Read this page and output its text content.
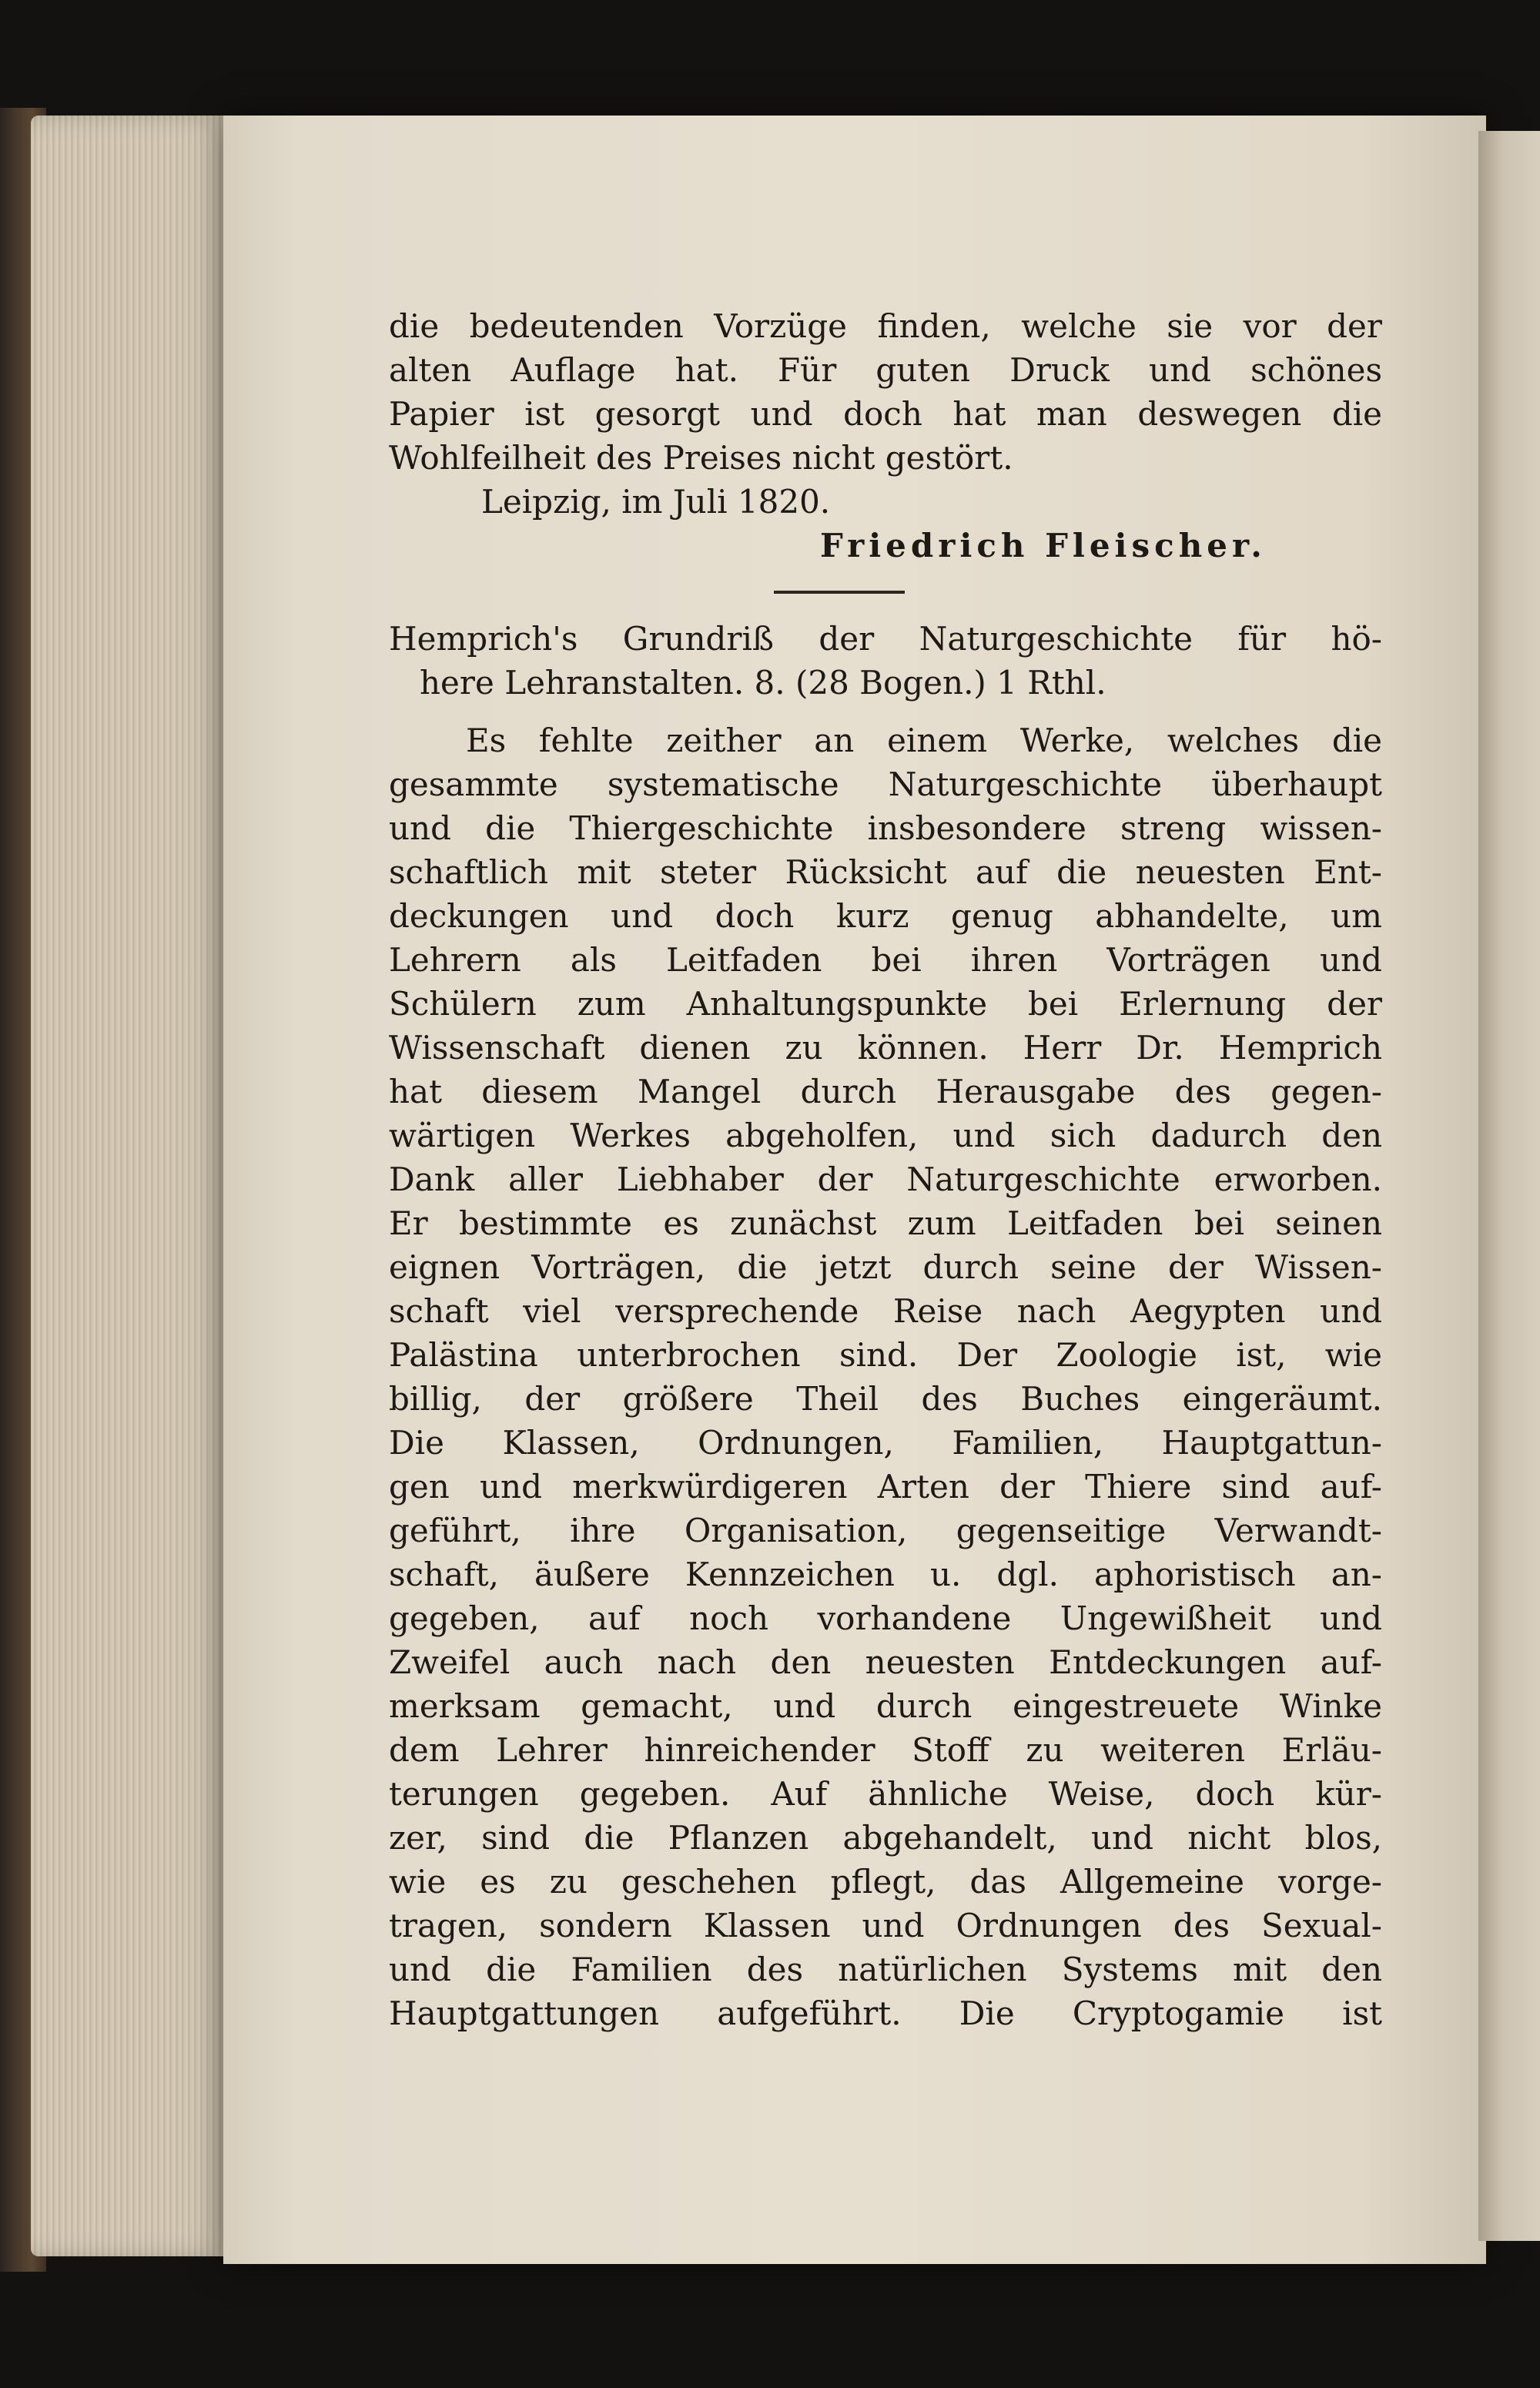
die bedeutenden Vorzüge finden, welche sie vor der
alten Auflage hat. Für guten Druck und schönes
Papier ist gesorgt und doch hat man deswegen die
Wohlfeilheit des Preises nicht gestört.
Leipzig, im Juli 1820.
Friedrich Fleischer.
Hemprich's Grundriß der Naturgeschichte für hö-
here Lehranstalten. 8. (28 Bogen.) 1 Rthl.
Es fehlte zeither an einem Werke, welches die
gesammte systematische Naturgeschichte überhaupt
und die Thiergeschichte insbesondere streng wissen-
schaftlich mit steter Rücksicht auf die neuesten Ent-
deckungen und doch kurz genug abhandelte, um
Lehrern als Leitfaden bei ihren Vorträgen und
Schülern zum Anhaltungspunkte bei Erlernung der
Wissenschaft dienen zu können. Herr Dr. Hemprich
hat diesem Mangel durch Herausgabe des gegen-
wärtigen Werkes abgeholfen, und sich dadurch den
Dank aller Liebhaber der Naturgeschichte erworben.
Er bestimmte es zunächst zum Leitfaden bei seinen
eignen Vorträgen, die jetzt durch seine der Wissen-
schaft viel versprechende Reise nach Aegypten und
Palästina unterbrochen sind. Der Zoologie ist, wie
billig, der größere Theil des Buches eingeräumt.
Die Klassen, Ordnungen, Familien, Hauptgattun-
gen und merkwürdigeren Arten der Thiere sind auf-
geführt, ihre Organisation, gegenseitige Verwandt-
schaft, äußere Kennzeichen u. dgl. aphoristisch an-
gegeben, auf noch vorhandene Ungewißheit und
Zweifel auch nach den neuesten Entdeckungen auf-
merksam gemacht, und durch eingestreuete Winke
dem Lehrer hinreichender Stoff zu weiteren Erläu-
terungen gegeben. Auf ähnliche Weise, doch kür-
zer, sind die Pflanzen abgehandelt, und nicht blos,
wie es zu geschehen pflegt, das Allgemeine vorge-
tragen, sondern Klassen und Ordnungen des Sexual-
und die Familien des natürlichen Systems mit den
Hauptgattungen aufgeführt. Die Cryptogamie ist
